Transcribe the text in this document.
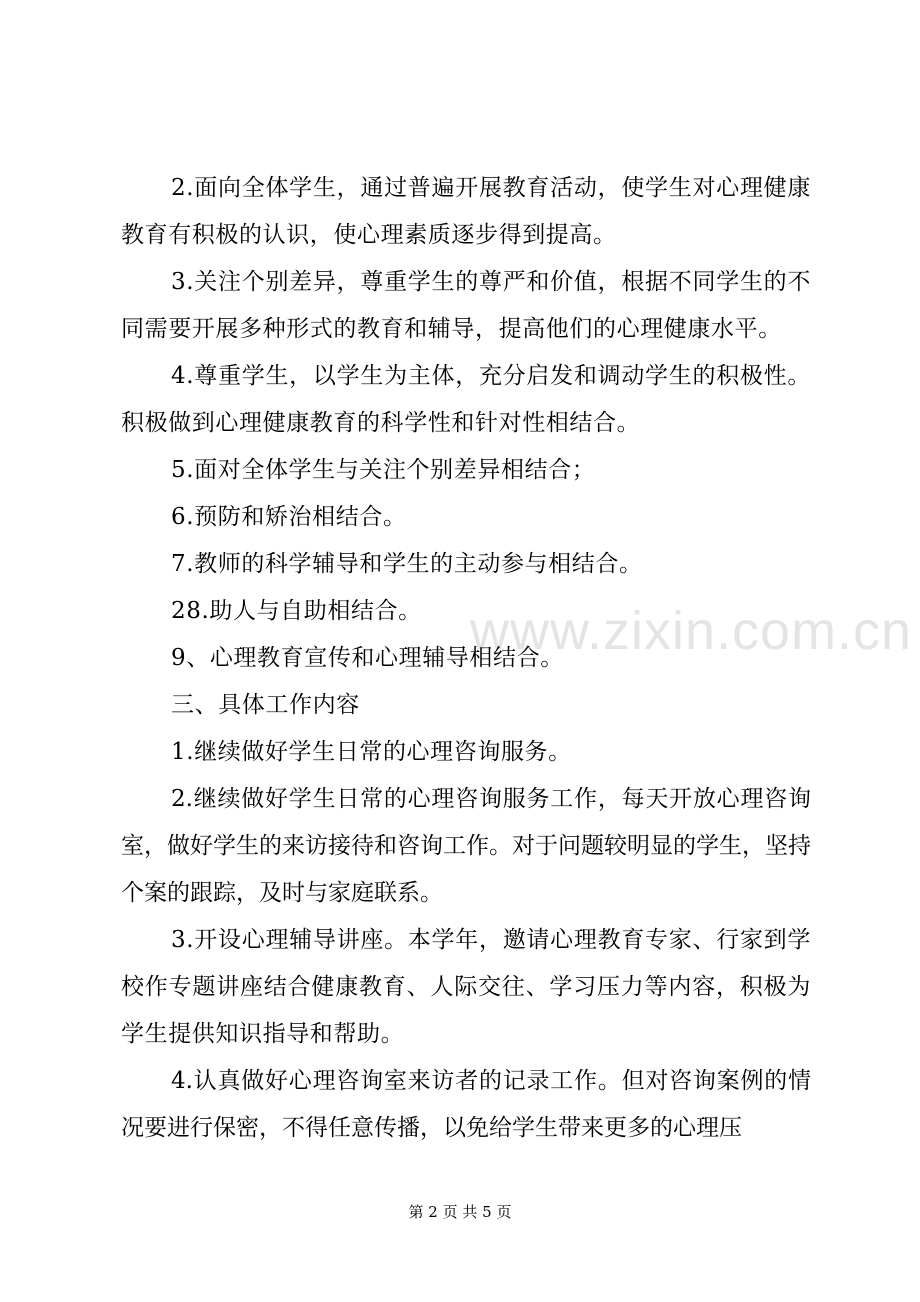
www.zixin.com.cn

2.面向全体学生，通过普遍开展教育活动，使学生对心理健康教育有积极的认识，使心理素质逐步得到提高。

3.关注个别差异，尊重学生的尊严和价值，根据不同学生的不同需要开展多种形式的教育和辅导，提高他们的心理健康水平。

4.尊重学生，以学生为主体，充分启发和调动学生的积极性。积极做到心理健康教育的科学性和针对性相结合。

5.面对全体学生与关注个别差异相结合；

6.预防和矫治相结合。

7.教师的科学辅导和学生的主动参与相结合。

28.助人与自助相结合。

9、心理教育宣传和心理辅导相结合。

三、具体工作内容

1.继续做好学生日常的心理咨询服务。

2.继续做好学生日常的心理咨询服务工作，每天开放心理咨询室，做好学生的来访接待和咨询工作。对于问题较明显的学生，坚持个案的跟踪，及时与家庭联系。

3.开设心理辅导讲座。本学年，邀请心理教育专家、行家到学校作专题讲座结合健康教育、人际交往、学习压力等内容，积极为学生提供知识指导和帮助。

4.认真做好心理咨询室来访者的记录工作。但对咨询案例的情况要进行保密，不得任意传播，以免给学生带来更多的心理压

第 2 页 共 5 页
